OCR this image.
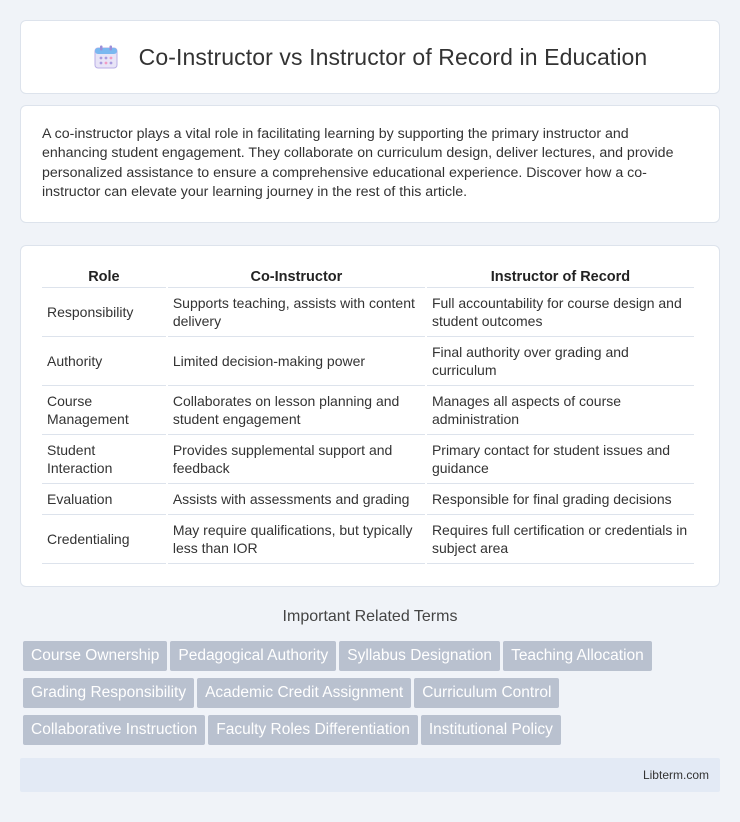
Co-Instructor vs Instructor of Record in Education

A co-instructor plays a vital role in facilitating learning by supporting the primary instructor and enhancing student engagement. They collaborate on curriculum design, deliver lectures, and provide personalized assistance to ensure a comprehensive educational experience. Discover how a co-instructor can elevate your learning journey in the rest of this article.

Role	Co-Instructor	Instructor of Record
Responsibility	Supports teaching, assists with content delivery	Full accountability for course design and student outcomes
Authority	Limited decision-making power	Final authority over grading and curriculum
Course Management	Collaborates on lesson planning and student engagement	Manages all aspects of course administration
Student Interaction	Provides supplemental support and feedback	Primary contact for student issues and guidance
Evaluation	Assists with assessments and grading	Responsible for final grading decisions
Credentialing	May require qualifications, but typically less than IOR	Requires full certification or credentials in subject area
Important Related Terms
Course Ownership	Pedagogical Authority	Syllabus Designation	Teaching Allocation
Grading Responsibility	Academic Credit Assignment	Curriculum Control
Collaborative Instruction	Faculty Roles Differentiation	Institutional Policy
Libterm.com
